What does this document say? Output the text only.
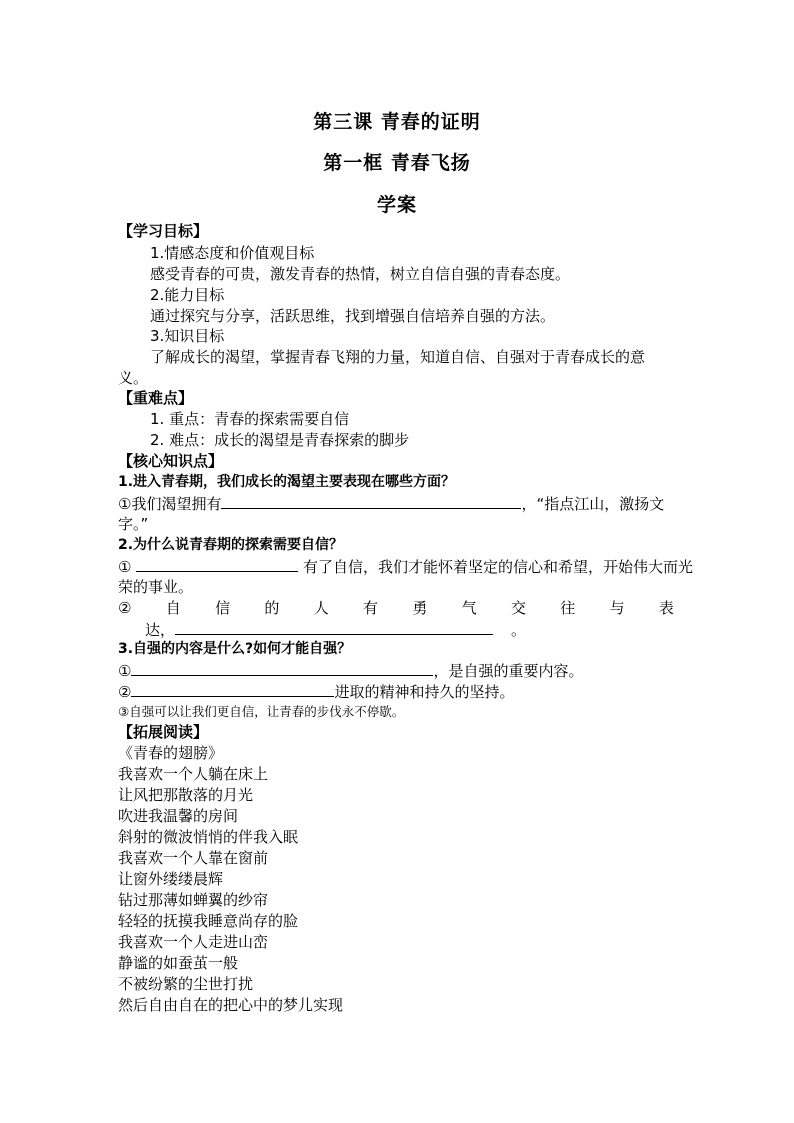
第三课 青春的证明
第一框 青春飞扬
学案
【学习目标】
1.情感态度和价值观目标
感受青春的可贵，激发青春的热情，树立自信自强的青春态度。
2.能力目标
通过探究与分享，活跃思维，找到增强自信培养自强的方法。
3.知识目标
了解成长的渴望，掌握青春飞翔的力量，知道自信、自强对于青春成长的意
义。
【重难点】
1. 重点：青春的探索需要自信
2. 难点：成长的渴望是青春探索的脚步
【核心知识点】
1.进入青春期，我们成长的渴望主要表现在哪些方面？
①我们渴望拥有	，“指点江山，激扬文
字。”
2.为什么说青春期的探索需要自信？
①	有了自信，我们才能怀着坚定的信心和希望，开始伟大而光
荣的事业。
② 自 信 的 人 有 勇 气 交 往 与 表
达，	。
3.自强的内容是什么?如何才能自强？
①	，是自强的重要内容。
②	进取的精神和持久的坚持。
③自强可以让我们更自信，让青春的步伐永不停歇。
【拓展阅读】
《青春的翅膀》
我喜欢一个人躺在床上
让风把那散落的月光
吹进我温馨的房间
斜射的微波悄悄的伴我入眠
我喜欢一个人靠在窗前
让窗外缕缕晨辉
钻过那薄如蝉翼的纱帘
轻轻的抚摸我睡意尚存的脸
我喜欢一个人走进山峦
静谧的如蚕茧一般
不被纷繁的尘世打扰
然后自由自在的把心中的梦儿实现
